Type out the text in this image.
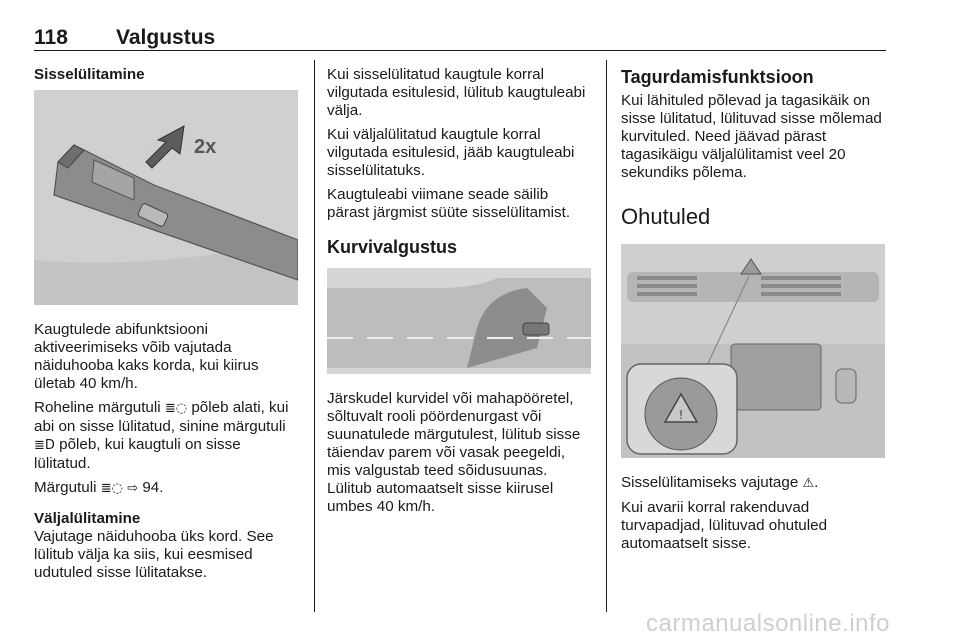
118 Valgustus
Sisselülitamine
2x

Kaugtulede abifunktsiooni aktiveerimiseks võib vajutada näiduhooba kaks korda, kui kiirus ületab 40 km/h.

Roheline märgutuli ≣◌ põleb alati, kui abi on sisse lülitatud, sinine märgutuli ≣D põleb, kui kaugtuli on sisse lülitatud.

Märgutuli ≣◌ ⇨ 94.

Väljalülitamine

Vajutage näiduhooba üks kord. See lülitub välja ka siis, kui eesmised udutuled sisse lülitatakse.

Kui sisselülitatud kaugtule korral vilgutada esitulesid, lülitub kaugtuleabi välja.

Kui väljalülitatud kaugtule korral vilgutada esitulesid, jääb kaugtuleabi sisselülitatuks.

Kaugtuleabi viimane seade säilib pärast järgmist süüte sisselülitamist.

Kurvivalgustus

Järskudel kurvidel või mahapööretel, sõltuvalt rooli pöördenurgast või suunatulede märgutulest, lülitub sisse täiendav parem või vasak peegeldi, mis valgustab teed sõidusuunas. Lülitub automaatselt sisse kiirusel umbes 40 km/h.

Tagurdamisfunktsioon

Kui lähituled põlevad ja tagasikäik on sisse lülitatud, lülituvad sisse mõlemad kurvituled. Need jäävad pärast tagasikäigu väljalülitamist veel 20 sekundiks põlema.

Ohutuled
!

Sisselülitamiseks vajutage ⚠.

Kui avarii korral rakenduvad turvapadjad, lülituvad ohutuled automaatselt sisse.

carmanualsonline.info
